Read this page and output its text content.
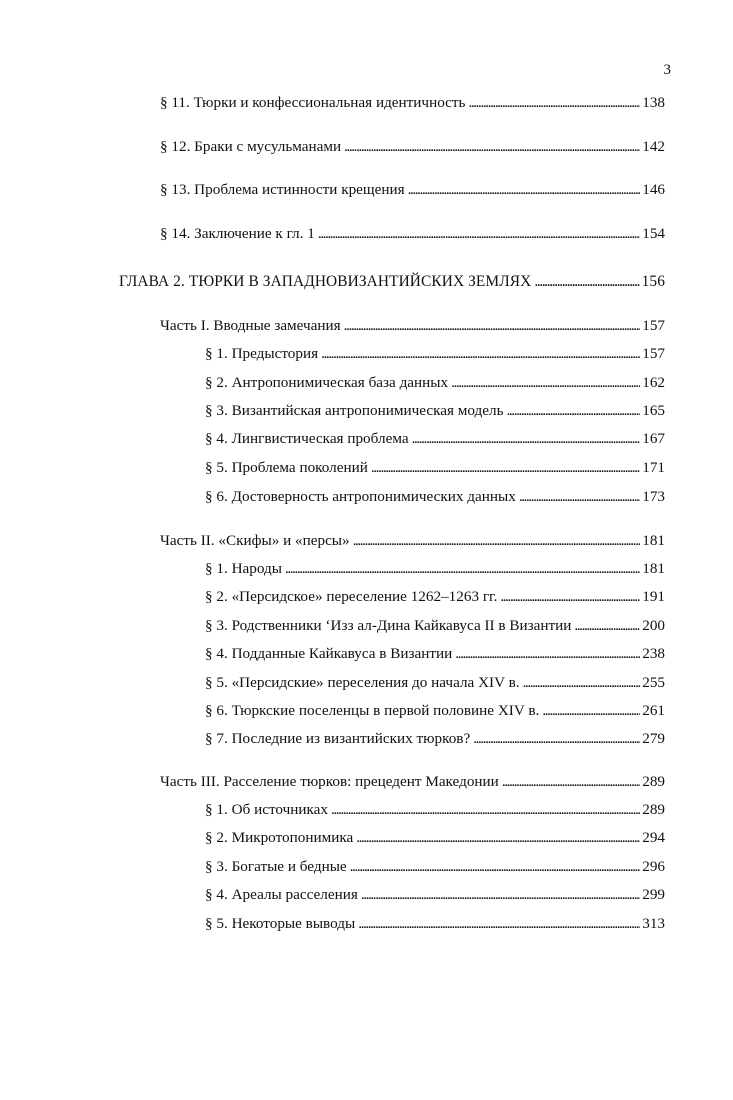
3
§ 11. Тюрки и конфессиональная идентичность . . .	138
§ 12. Браки с мусульманами . . .	142
§ 13. Проблема истинности крещения . . .	146
§ 14. Заключение к гл. 1 . . .	154
ГЛАВА 2. ТЮРКИ В ЗАПАДНОВИЗАНТИЙСКИХ ЗЕМЛЯХ . . .	156
Часть I. Вводные замечания . . .	157
§ 1. Предыстория . . .	157
§ 2. Антропонимическая база данных . . .	162
§ 3. Византийская антропонимическая модель . . .	165
§ 4. Лингвистическая проблема . . .	167
§ 5. Проблема поколений . . .	171
§ 6. Достоверность антропонимических данных . . .	173
Часть II. «Скифы» и «персы» . . .	181
§ 1. Народы . . .	181
§ 2. «Персидское» переселение 1262–1263 гг. . . .	191
§ 3. Родственники ‘Изз ал-Дина Кайкавуса II в Византии . . .	200
§ 4. Подданные Кайкавуса в Византии . . .	238
§ 5. «Персидские» переселения до начала XIV в. . . .	255
§ 6. Тюркские поселенцы в первой половине XIV в. . . .	261
§ 7. Последние из византийских тюрков? . . .	279
Часть III. Расселение тюрков: прецедент Македонии . . .	289
§ 1. Об источниках . . .	289
§ 2. Микротопонимика . . .	294
§ 3. Богатые и бедные . . .	296
§ 4. Ареалы расселения . . .	299
§ 5. Некоторые выводы . . .	313
